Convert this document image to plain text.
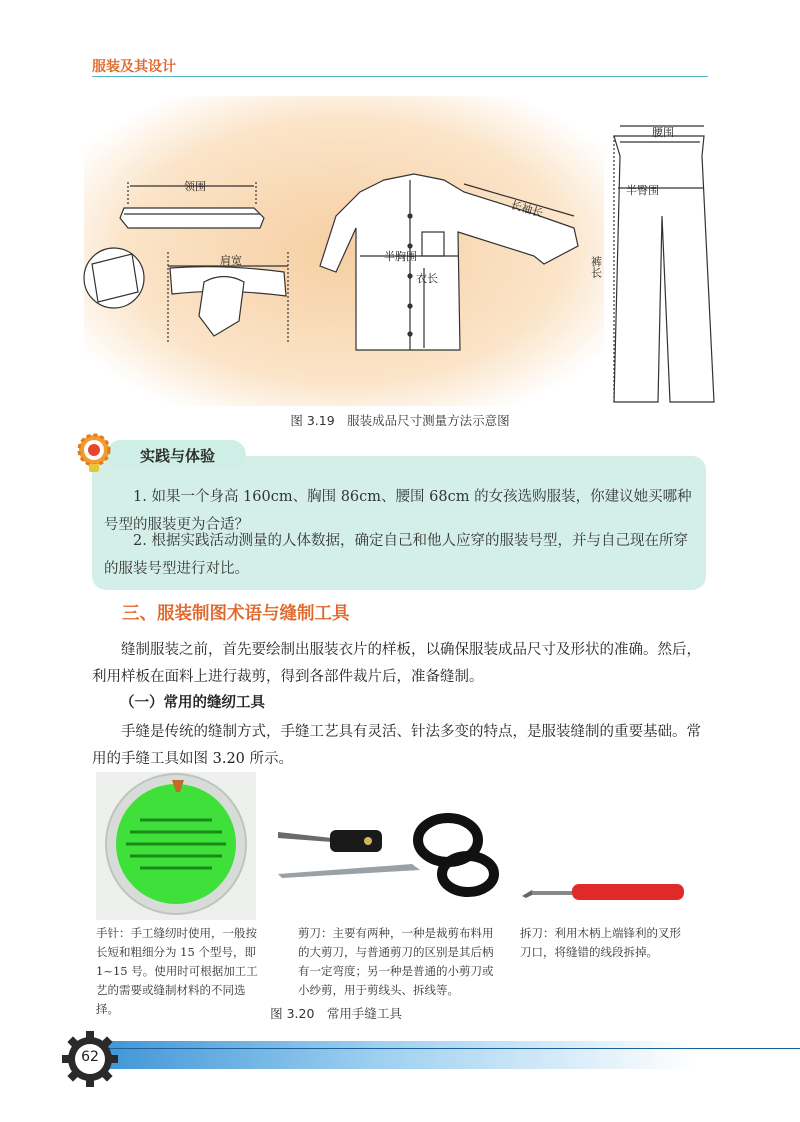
服装及其设计
领围
肩宽
长袖长
半胸围
衣长
腰围
半臀围
裤长
图 3.19　服装成品尺寸测量方法示意图
实践与体验

1. 如果一个身高 160cm、胸围 86cm、腰围 68cm 的女孩选购服装，你建议她买哪种号型的服装更为合适？

2. 根据实践活动测量的人体数据，确定自己和他人应穿的服装号型，并与自己现在所穿的服装号型进行对比。

三、服装制图术语与缝制工具

缝制服装之前，首先要绘制出服装衣片的样板，以确保服装成品尺寸及形状的准确。然后，利用样板在面料上进行裁剪，得到各部件裁片后，准备缝制。

（一）常用的缝纫工具

手缝是传统的缝制方式，手缝工艺具有灵活、针法多变的特点，是服装缝制的重要基础。常用的手缝工具如图 3.20 所示。

手针：手工缝纫时使用，一般按长短和粗细分为 15 个型号，即 1~15 号。使用时可根据加工工艺的需要或缝制材料的不同选择。

剪刀：主要有两种，一种是裁剪布料用的大剪刀，与普通剪刀的区别是其后柄有一定弯度；另一种是普通的小剪刀或小纱剪，用于剪线头、拆线等。

拆刀：利用木柄上端锋利的叉形刀口，将缝错的线段拆掉。

图 3.20　常用手缝工具
62
